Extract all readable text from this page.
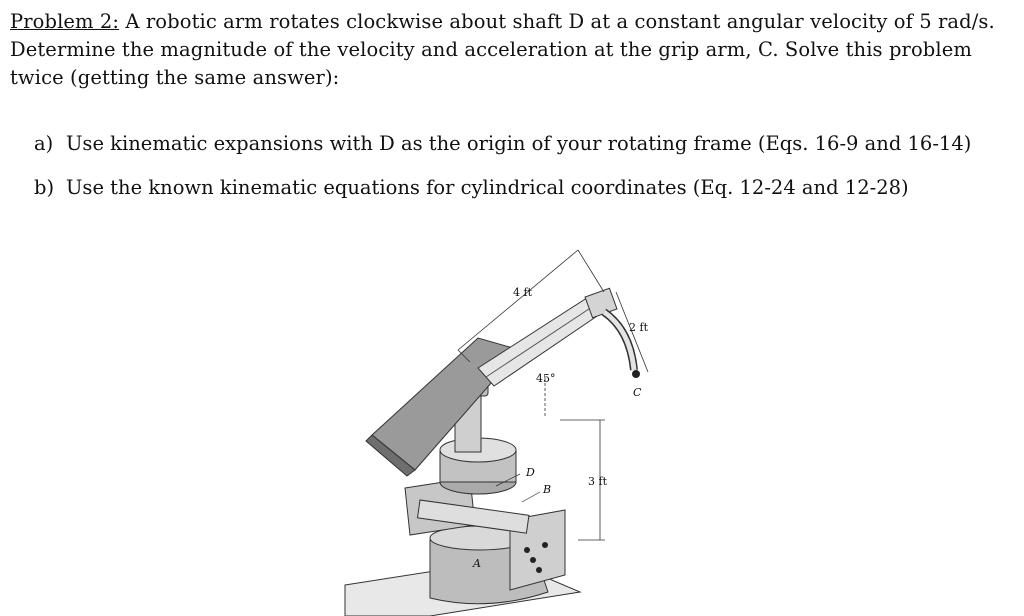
Problem 2: A robotic arm rotates clockwise about shaft D at a constant angular velocity of 5 rad/s. Determine the magnitude of the velocity and acceleration at the grip arm, C. Solve this problem twice (getting the same answer):
a) Use kinematic expansions with D as the origin of your rotating frame (Eqs. 16-9 and 16-14)
b) Use the known kinematic equations for cylindrical coordinates (Eq. 12-24 and 12-28)
4 ft
2 ft
C
45°
3 ft
D
B
A
